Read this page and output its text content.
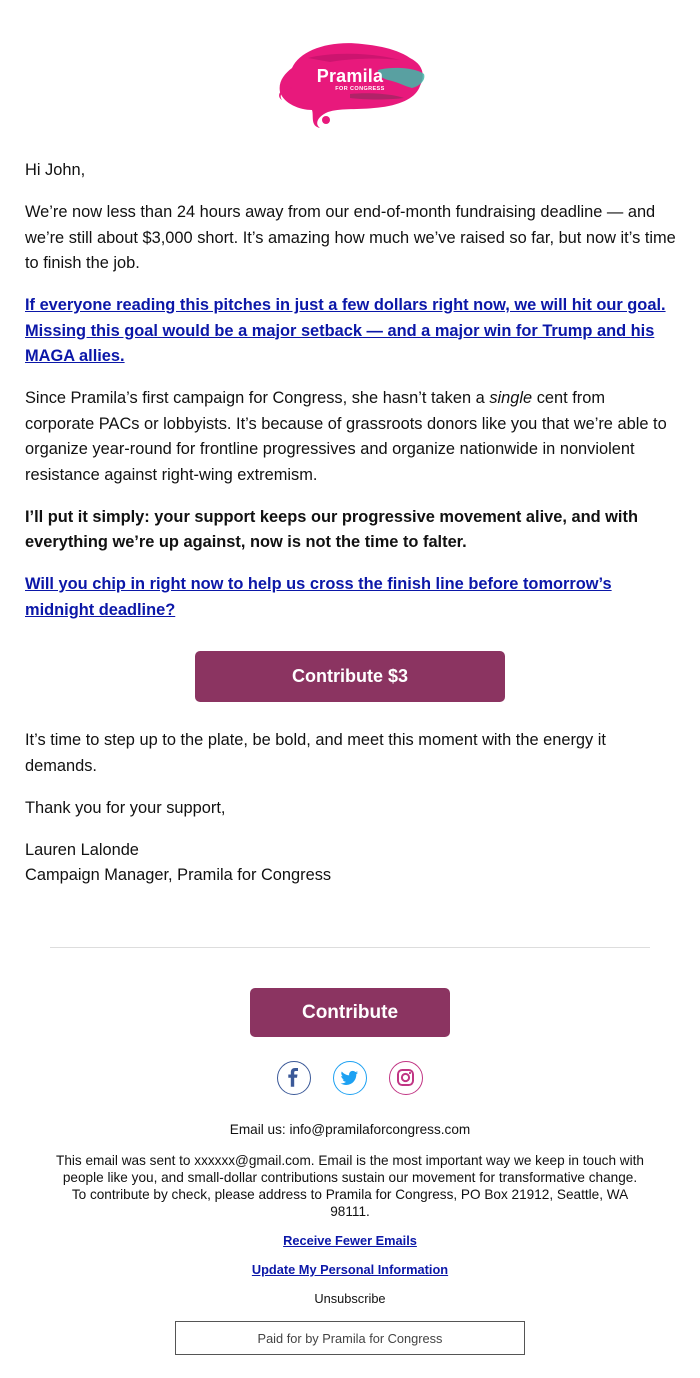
Pramila
FOR CONGRESS

Hi John,

We’re now less than 24 hours away from our end-of-month fundraising deadline — and we’re still about $3,000 short. It’s amazing how much we’ve raised so far, but now it’s time to finish the job.

If everyone reading this pitches in just a few dollars right now, we will hit our goal. Missing this goal would be a major setback — and a major win for Trump and his MAGA allies.

Since Pramila’s first campaign for Congress, she hasn’t taken a single cent from corporate PACs or lobbyists. It’s because of grassroots donors like you that we’re able to organize year-round for frontline progressives and organize nationwide in nonviolent resistance against right-wing extremism.

I’ll put it simply: your support keeps our progressive movement alive, and with everything we’re up against, now is not the time to falter.

Will you chip in right now to help us cross the finish line before tomorrow’s midnight deadline?

Contribute $3

It’s time to step up to the plate, be bold, and meet this moment with the energy it demands.

Thank you for your support,

Lauren Lalonde
Campaign Manager, Pramila for Congress
Contribute
Email us: info@pramilaforcongress.com
This email was sent to xxxxxx@gmail.com. Email is the most important way we keep in touch with people like you, and small-dollar contributions sustain our movement for transformative change. To contribute by check, please address to Pramila for Congress, PO Box 21912, Seattle, WA 98111.
Receive Fewer Emails
Update My Personal Information
Unsubscribe
Paid for by Pramila for Congress
